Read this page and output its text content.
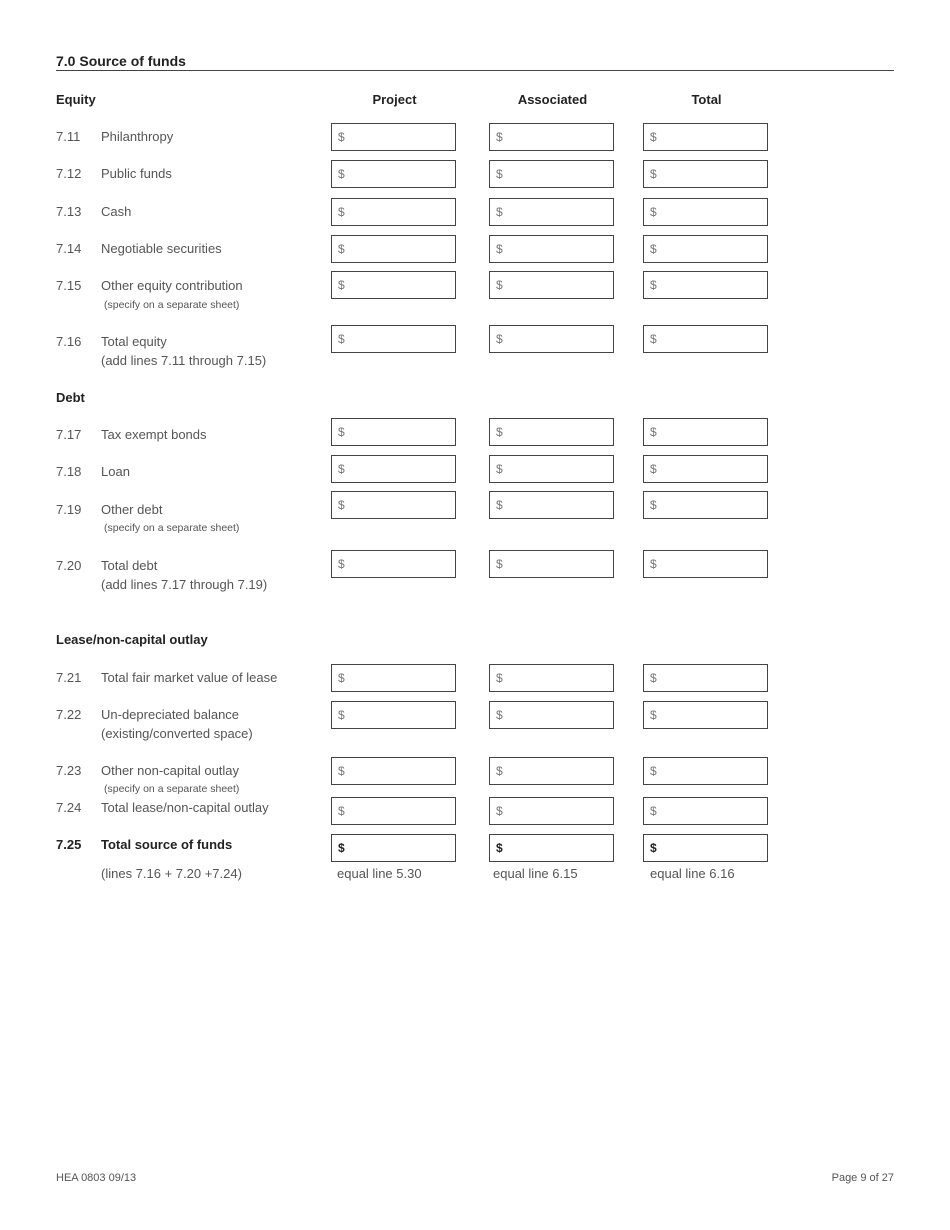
7.0 Source of funds
Equity	Project	Associated	Total
Debt
Lease/non-capital outlay
7.11 Philanthropy	$	$	$
7.12 Public funds	$	$	$
7.13 Cash	$	$	$
7.14 Negotiable securities	$	$	$
7.15 Other equity contribution
(specify on a separate sheet)
$	$	$
7.16 Total equity
(add lines 7.11 through 7.15)
$	$	$
7.17 Tax exempt bonds	$	$	$
7.18 Loan	$	$	$
7.19 Other debt
(specify on a separate sheet)
$	$	$
7.20 Total debt
(add lines 7.17 through 7.19)
$	$	$
7.21 Total fair market value of lease	$	$	$
7.22 Un-depreciated balance
(existing/converted space)
$	$	$
7.23 Other non-capital outlay
(specify on a separate sheet)
$	$	$
7.24 Total lease/non-capital outlay	$	$	$
7.25 Total source of funds
(lines 7.16 + 7.20 +7.24)
$	$	$
equal line 5.30	equal line 6.15	equal line 6.16
HEA 0803 09/13	Page 9 of 27
